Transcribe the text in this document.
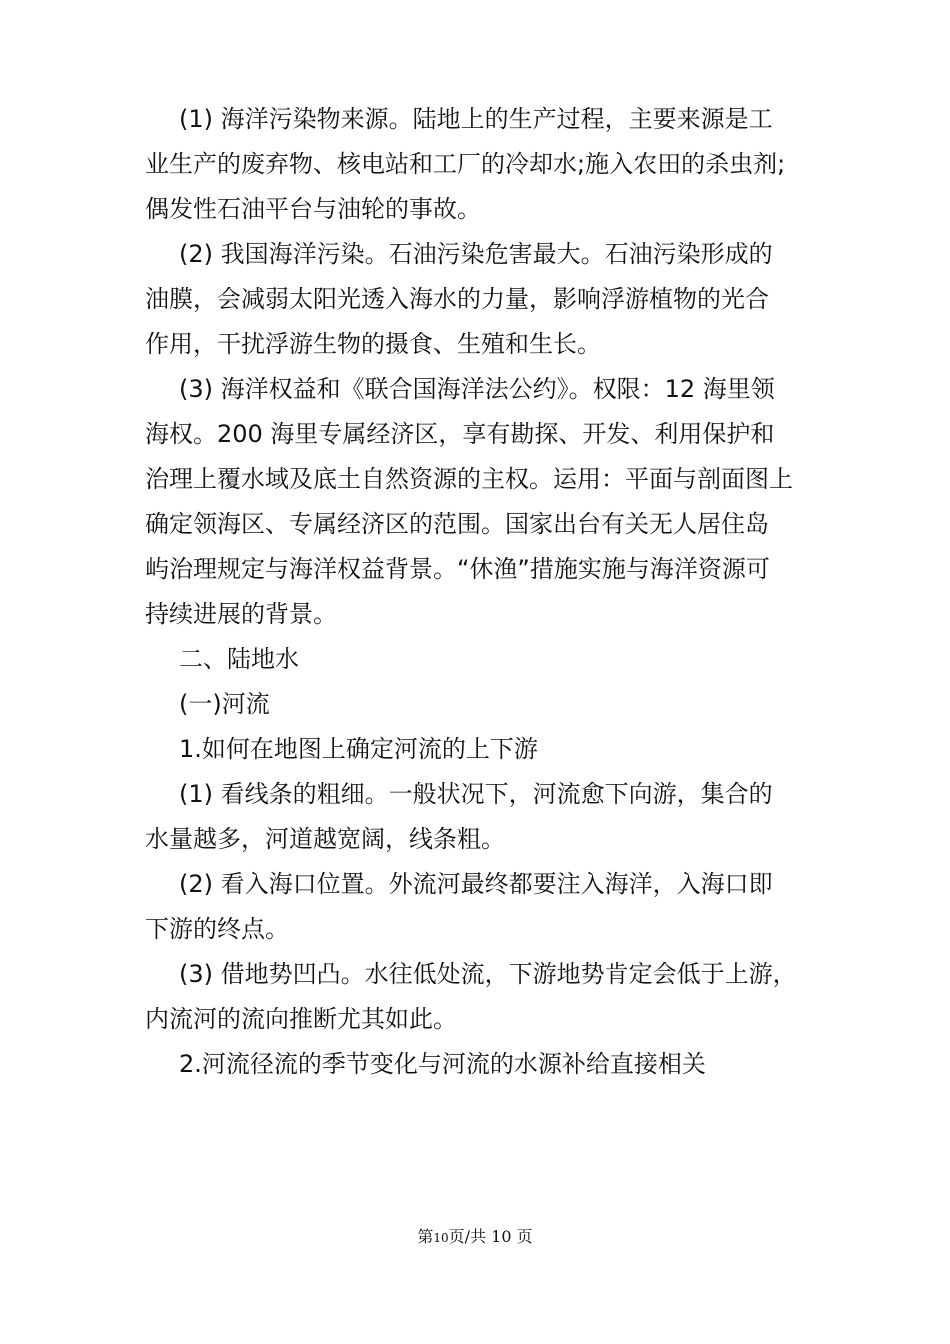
(1) 海洋污染物来源。陆地上的生产过程，主要来源是工
业生产的废弃物、核电站和工厂的冷却水;施入农田的杀虫剂;
偶发性石油平台与油轮的事故。

(2) 我国海洋污染。石油污染危害最大。石油污染形成的
油膜，会减弱太阳光透入海水的力量，影响浮游植物的光合
作用，干扰浮游生物的摄食、生殖和生长。

(3) 海洋权益和《联合国海洋法公约》。权限：12 海里领
海权。200 海里专属经济区，享有勘探、开发、利用保护和
治理上覆水域及底土自然资源的主权。运用：平面与剖面图上
确定领海区、专属经济区的范围。国家出台有关无人居住岛
屿治理规定与海洋权益背景。“休渔”措施实施与海洋资源可
持续进展的背景。

二、陆地水

(一)河流

1.如何在地图上确定河流的上下游

(1) 看线条的粗细。一般状况下，河流愈下向游，集合的
水量越多，河道越宽阔，线条粗。

(2) 看入海口位置。外流河最终都要注入海洋，入海口即
下游的终点。

(3) 借地势凹凸。水往低处流，下游地势肯定会低于上游，
内流河的流向推断尤其如此。

2.河流径流的季节变化与河流的水源补给直接相关

第10页/共 10 页
